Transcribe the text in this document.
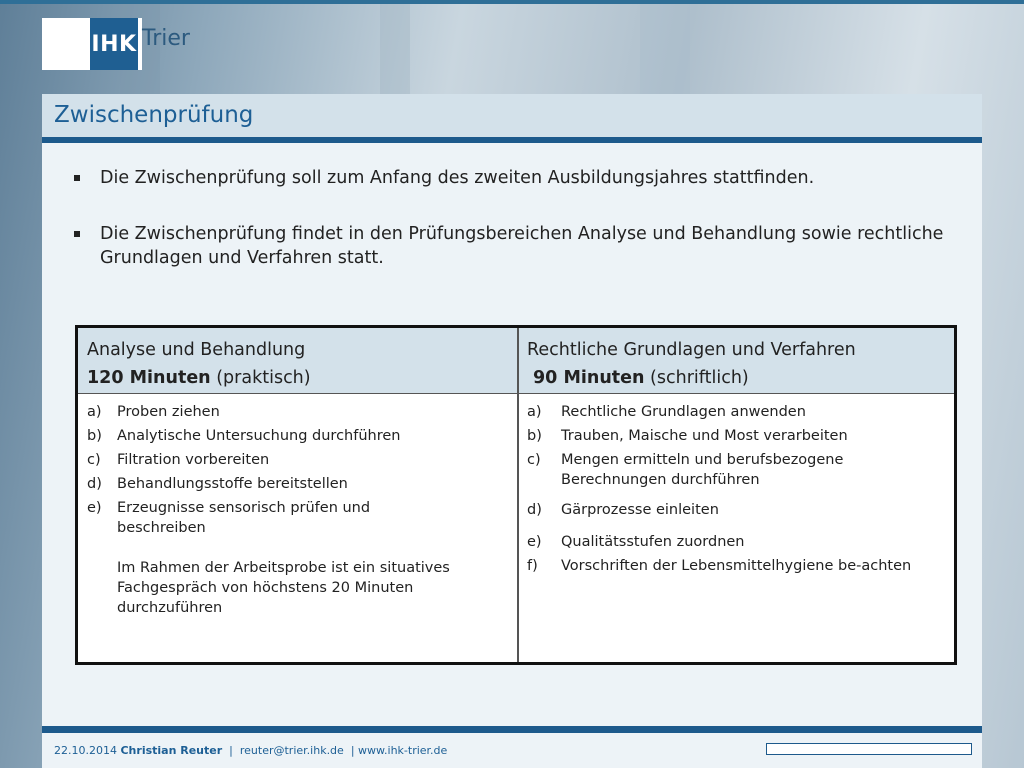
IHK Trier
Zwischenprüfung
Die Zwischenprüfung soll zum Anfang des zweiten Ausbildungsjahres stattfinden.
Die Zwischenprüfung findet in den Prüfungsbereichen Analyse und Behandlung sowie rechtliche Grundlagen und Verfahren statt.
Analyse und Behandlung
120 Minuten (praktisch)
Rechtliche Grundlagen und Verfahren
90 Minuten (schriftlich)
a) Proben ziehen
b) Analytische Untersuchung durchführen
c) Filtration vorbereiten
d) Behandlungsstoffe bereitstellen
e) Erzeugnisse sensorisch prüfen und beschreiben
Im Rahmen der Arbeitsprobe ist ein situatives Fachgespräch von höchstens 20 Minuten durchzuführen
a) Rechtliche Grundlagen anwenden
b) Trauben, Maische und Most verarbeiten
c) Mengen ermitteln und berufsbezogene Berechnungen durchführen
d) Gärprozesse einleiten
e) Qualitätsstufen zuordnen
f) Vorschriften der Lebensmittelhygiene be-achten
22.10.2014 Christian Reuter | reuter@trier.ihk.de | www.ihk-trier.de
